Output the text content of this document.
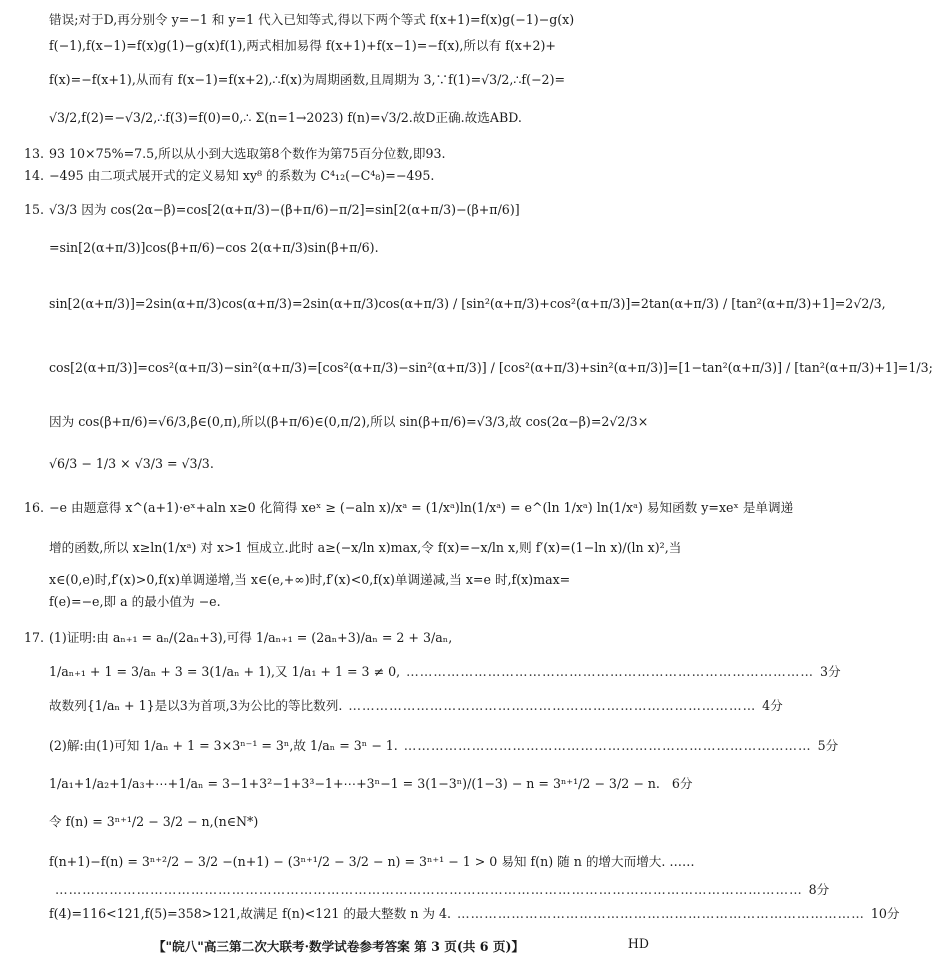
错误;对于D,再分别令 y=−1 和 y=1 代入已知等式,得以下两个等式 f(x+1)=f(x)g(−1)−g(x)
f(−1),f(x−1)=f(x)g(1)−g(x)f(1),两式相加易得 f(x+1)+f(x−1)=−f(x),所以有 f(x+2)+
f(x)=−f(x+1),从而有 f(x−1)=f(x+2),∴f(x)为周期函数,且周期为 3,∵f(1)=√3/2,∴f(−2)=
√3/2,f(2)=−√3/2,∴f(3)=f(0)=0,∴ Σ(n=1→2023) f(n)=√3/2.故D正确.故选ABD.
13. 93 10×75%=7.5,所以从小到大选取第8个数作为第75百分位数,即93.
14. −495 由二项式展开式的定义易知 xy⁸ 的系数为 C⁴₁₂(−C⁴₈)=−495.
15. √3/3 因为 cos(2α−β)=cos[2(α+π/3)−(β+π/6)−π/2]=sin[2(α+π/3)−(β+π/6)]
=sin[2(α+π/3)]cos(β+π/6)−cos 2(α+π/3)sin(β+π/6).
sin[2(α+π/3)]=2sin(α+π/3)cos(α+π/3)=2sin(α+π/3)cos(α+π/3) / [sin²(α+π/3)+cos²(α+π/3)]=2tan(α+π/3) / [tan²(α+π/3)+1]=2√2/3,
cos[2(α+π/3)]=cos²(α+π/3)−sin²(α+π/3)=[cos²(α+π/3)−sin²(α+π/3)] / [cos²(α+π/3)+sin²(α+π/3)]=[1−tan²(α+π/3)] / [tan²(α+π/3)+1]=1/3;
因为 cos(β+π/6)=√6/3,β∈(0,π),所以(β+π/6)∈(0,π/2),所以 sin(β+π/6)=√3/3,故 cos(2α−β)=2√2/3×
√6/3 − 1/3 × √3/3 = √3/3.
16. −e 由题意得 x^(a+1)·eˣ+aln x≥0 化简得 xeˣ ≥ (−aln x)/xᵃ = (1/xᵃ)ln(1/xᵃ) = e^(ln 1/xᵃ) ln(1/xᵃ) 易知函数 y=xeˣ 是单调递
增的函数,所以 x≥ln(1/xᵃ) 对 x>1 恒成立.此时 a≥(−x/ln x)max,令 f(x)=−x/ln x,则 f′(x)=(1−ln x)/(ln x)²,当
x∈(0,e)时,f′(x)>0,f(x)单调递增,当 x∈(e,+∞)时,f′(x)<0,f(x)单调递减,当 x=e 时,f(x)max=
f(e)=−e,即 a 的最小值为 −e.
17. (1)证明:由 aₙ₊₁ = aₙ/(2aₙ+3),可得 1/aₙ₊₁ = (2aₙ+3)/aₙ = 2 + 3/aₙ,
1/aₙ₊₁ + 1 = 3/aₙ + 3 = 3(1/aₙ + 1),又 1/a₁ + 1 = 3 ≠ 0, ……………………………………………………………………………… 3分
故数列{1/aₙ + 1}是以3为首项,3为公比的等比数列. ……………………………………………………………………………… 4分
(2)解:由(1)可知 1/aₙ + 1 = 3×3ⁿ⁻¹ = 3ⁿ,故 1/aₙ = 3ⁿ − 1. ……………………………………………………………………………… 5分
1/a₁+1/a₂+1/a₃+⋯+1/aₙ = 3−1+3²−1+3³−1+⋯+3ⁿ−1 = 3(1−3ⁿ)/(1−3) − n = 3ⁿ⁺¹/2 − 3/2 − n. 6分
令 f(n) = 3ⁿ⁺¹/2 − 3/2 − n,(n∈N*)
f(n+1)−f(n) = 3ⁿ⁺²/2 − 3/2 −(n+1) − (3ⁿ⁺¹/2 − 3/2 − n) = 3ⁿ⁺¹ − 1 > 0 易知 f(n) 随 n 的增大而增大. ……
………………………………………………………………………………………………………………………………………………… 8分
f(4)=116<121,f(5)=358>121,故满足 f(n)<121 的最大整数 n 为 4. ……………………………………………………………………………… 10分
【"皖八"高三第二次大联考·数学试卷参考答案 第 3 页(共 6 页)】	HD
